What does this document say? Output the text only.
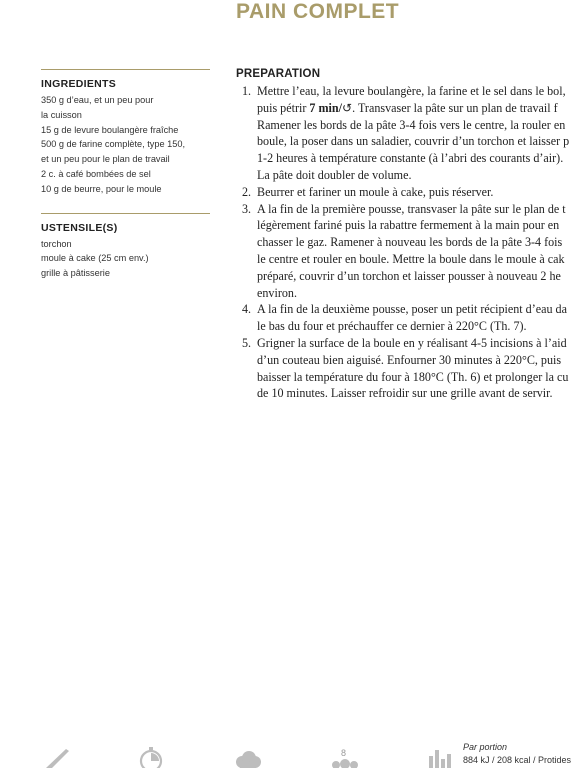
PAIN COMPLET
INGREDIENTS
350 g d’eau, et un peu pour
la cuisson
15 g de levure boulangère fraîche
500 g de farine complète, type 150,
et un peu pour le plan de travail
2 c. à café bombées de sel
10 g de beurre, pour le moule
USTENSILE(S)
torchon
moule à cake (25 cm env.)
grille à pâtisserie
PREPARATION
1. Mettre l’eau, la levure boulangère, la farine et le sel dans le bol,
puis pétrir 7 min/↺. Transvaser la pâte sur un plan de travail f
Ramener les bords de la pâte 3-4 fois vers le centre, la rouler en
boule, la poser dans un saladier, couvrir d’un torchon et laisser p
1-2 heures à température constante (à l’abri des courants d’air).
La pâte doit doubler de volume.
2. Beurrer et fariner un moule à cake, puis réserver.
3. A la fin de la première pousse, transvaser la pâte sur le plan de t
légèrement fariné puis la rabattre fermement à la main pour en
chasser le gaz. Ramener à nouveau les bords de la pâte 3-4 fois
le centre et rouler en boule. Mettre la boule dans le moule à cak
préparé, couvrir d’un torchon et laisser pousser à nouveau 2 he
environ.
4. A la fin de la deuxième pousse, poser un petit récipient d’eau da
le bas du four et préchauffer ce dernier à 220°C (Th. 7).
5. Grigner la surface de la boule en y réalisant 4-5 incisions à l’aid
d’un couteau bien aiguisé. Enfourner 30 minutes à 220°C, puis
baisser la température du four à 180°C (Th. 6) et prolonger la cu
de 10 minutes. Laisser refroidir sur une grille avant de servir.
8
Par portion
884 kJ / 208 kcal / Protides
